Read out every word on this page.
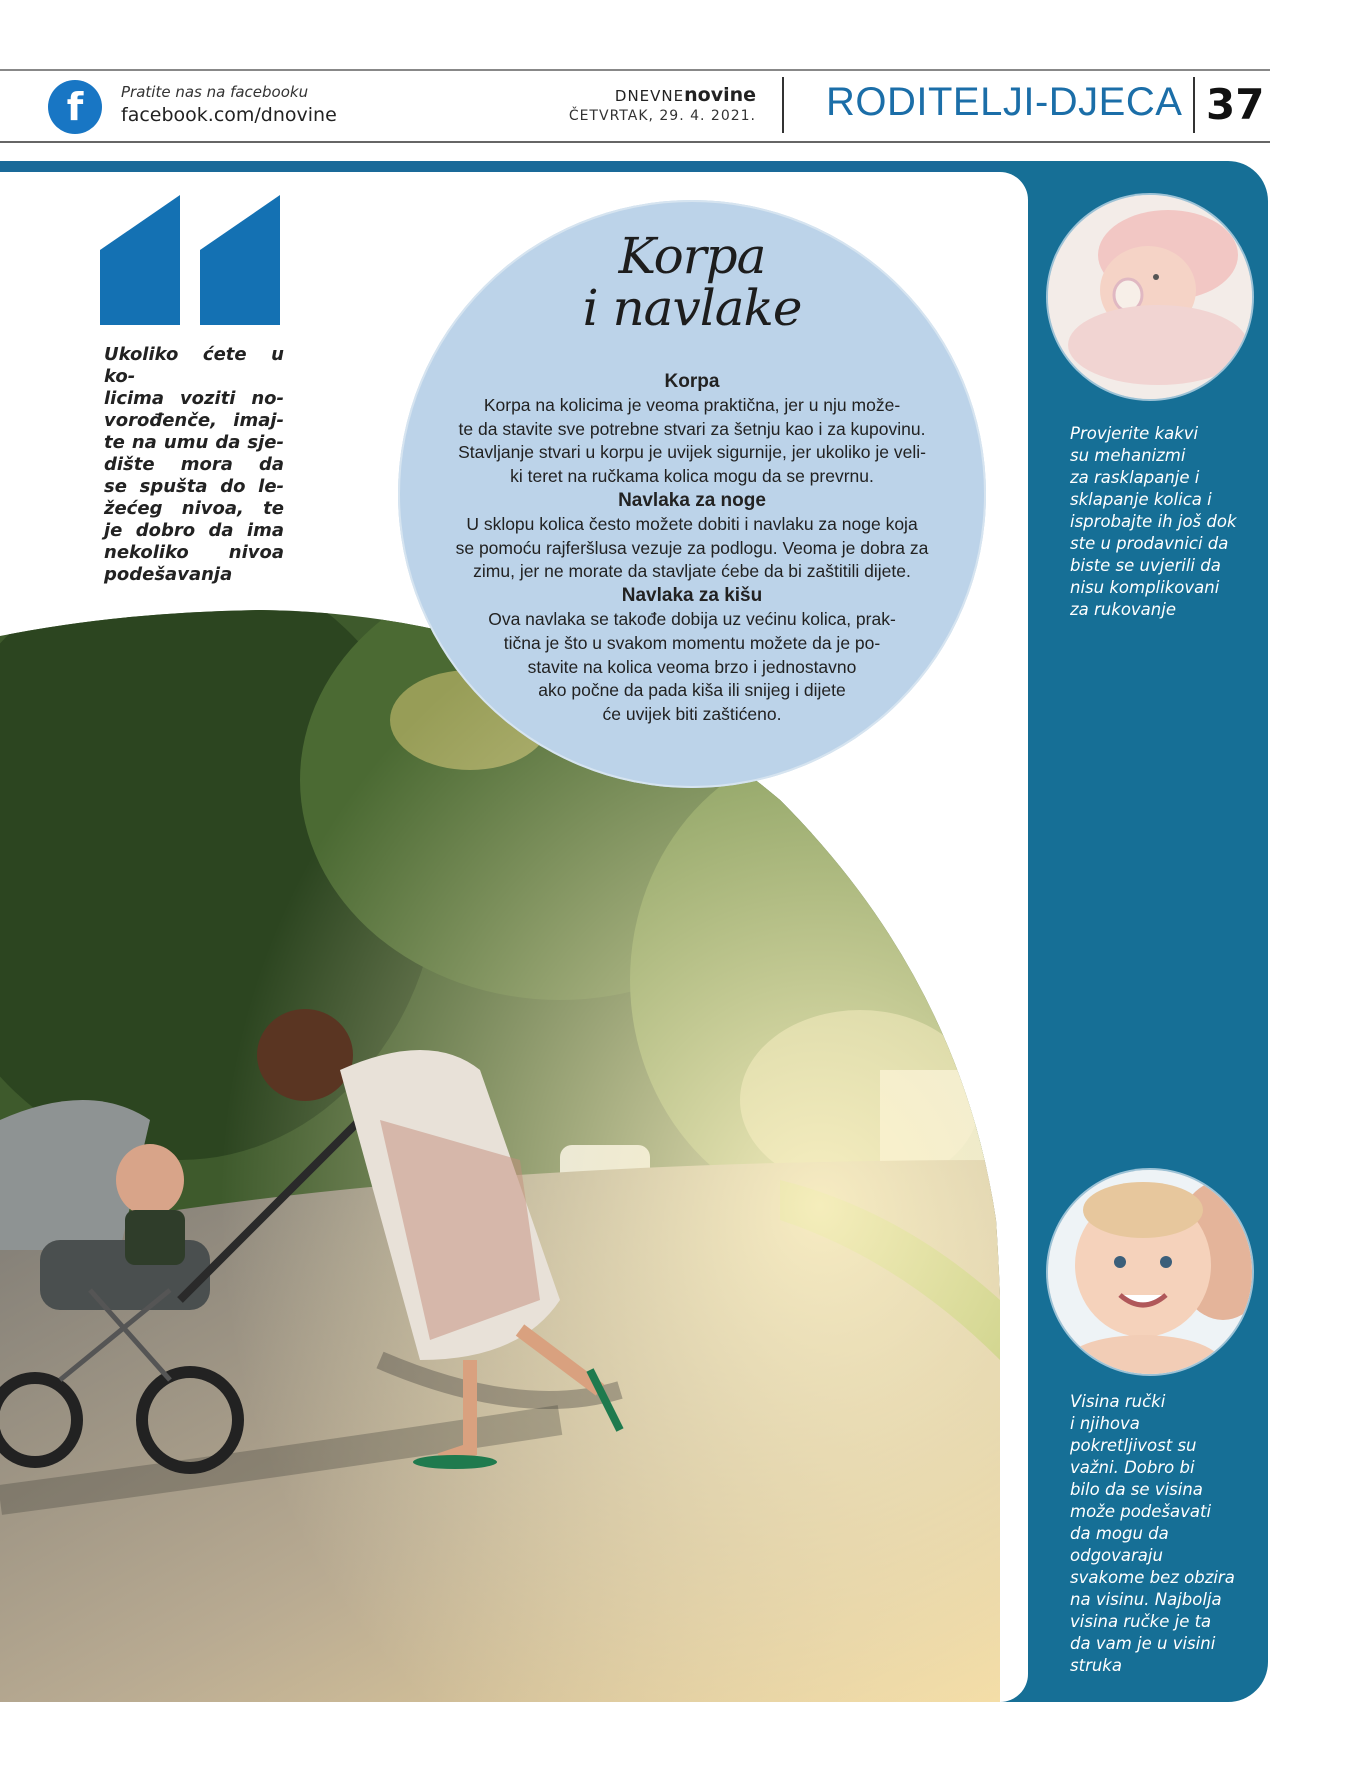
f	Pratite nas na facebooku
facebook.com/dnovine
DNEVNEnovine
ČETVRTAK, 29. 4. 2021. RODITELJI-DJECA 37
Ukoliko ćete u ko-
licima voziti no-
vorođenče, imaj-
te na umu da sje-
dište mora da
se spušta do le-
žećeg nivoa, te
je dobro da ima
nekoliko nivoa
podešavanja
Korpa
i navlake
Korpa
Korpa na kolicima je veoma praktična, jer u nju može-
te da stavite sve potrebne stvari za šetnju kao i za kupovinu.
Stavljanje stvari u korpu je uvijek sigurnije, jer ukoliko je veli-
ki teret na ručkama kolica mogu da se prevrnu.
Navlaka za noge
U sklopu kolica često možete dobiti i navlaku za noge koja
se pomoću rajferšlusa vezuje za podlogu. Veoma je dobra za
zimu, jer ne morate da stavljate ćebe da bi zaštitili dijete.
Navlaka za kišu
Ova navlaka se takođe dobija uz većinu kolica, prak-
tična je što u svakom momentu možete da je po-
stavite na kolica veoma brzo i jednostavno
ako počne da pada kiša ili snijeg i dijete
će uvijek biti zaštićeno.
Provjerite kakvi
su mehanizmi
za rasklapanje i
sklapanje kolica i
isprobajte ih još dok
ste u prodavnici da
biste se uvjerili da
nisu komplikovani
za rukovanje
Visina ručki
i njihova
pokretljivost su
važni. Dobro bi
bilo da se visina
može podešavati
da mogu da
odgovaraju
svakome bez obzira
na visinu. Najbolja
visina ručke je ta
da vam je u visini
struka
